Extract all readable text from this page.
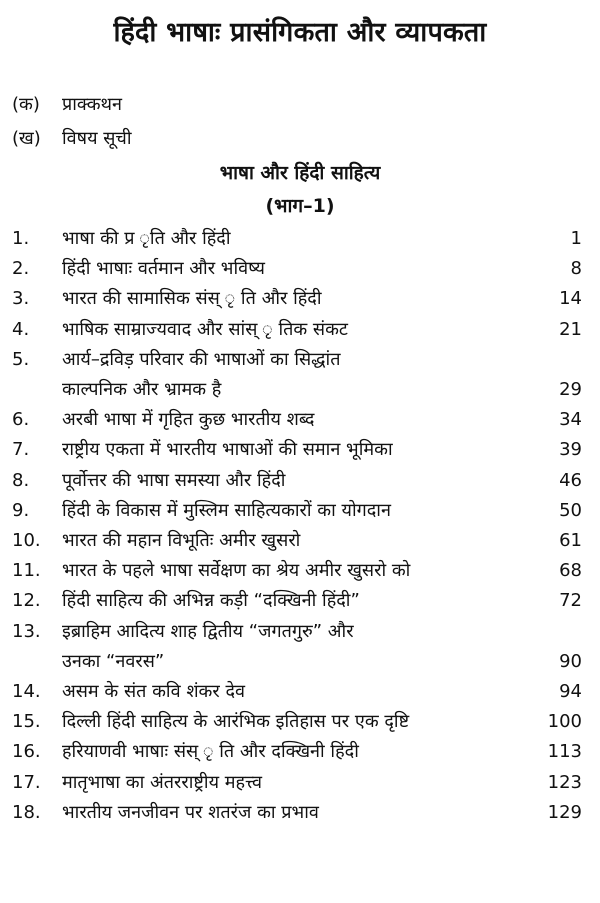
हिंदी भाषाः प्रासंगिकता और व्यापकता
(क) प्राक्कथन
(ख) विषय सूची
भाषा और हिंदी साहित्य
(भाग–1)
1. भाषा की प्र ृति और हिंदी	1
2. हिंदी भाषाः वर्तमान और भविष्य	8
3. भारत की सामासिक संस् ृ ति और हिंदी	14
4. भाषिक साम्राज्यवाद और सांस् ृ तिक संकट	21
5. आर्य–द्रविड़ परिवार की भाषाओं का सिद्धांत
काल्पनिक और भ्रामक है	29
6. अरबी भाषा में गृहित कुछ भारतीय शब्द	34
7. राष्ट्रीय एकता में भारतीय भाषाओं की समान भूमिका	39
8. पूर्वोत्तर की भाषा समस्या और हिंदी	46
9. हिंदी के विकास में मुस्लिम साहित्यकारों का योगदान	50
10. भारत की महान विभूतिः अमीर खुसरो	61
11. भारत के पहले भाषा सर्वेक्षण का श्रेय अमीर खुसरो को	68
12. हिंदी साहित्य की अभिन्न कड़ी “दक्खिनी हिंदी”	72
13. इब्राहिम आदित्य शाह द्वितीय “जगतगुरु” और
उनका “नवरस”	90
14. असम के संत कवि शंकर देव	94
15. दिल्ली हिंदी साहित्य के आरंभिक इतिहास पर एक दृष्टि	100
16. हरियाणवी भाषाः संस् ृ ति और दक्खिनी हिंदी	113
17. मातृभाषा का अंतरराष्ट्रीय महत्त्व	123
18. भारतीय जनजीवन पर शतरंज का प्रभाव	129
